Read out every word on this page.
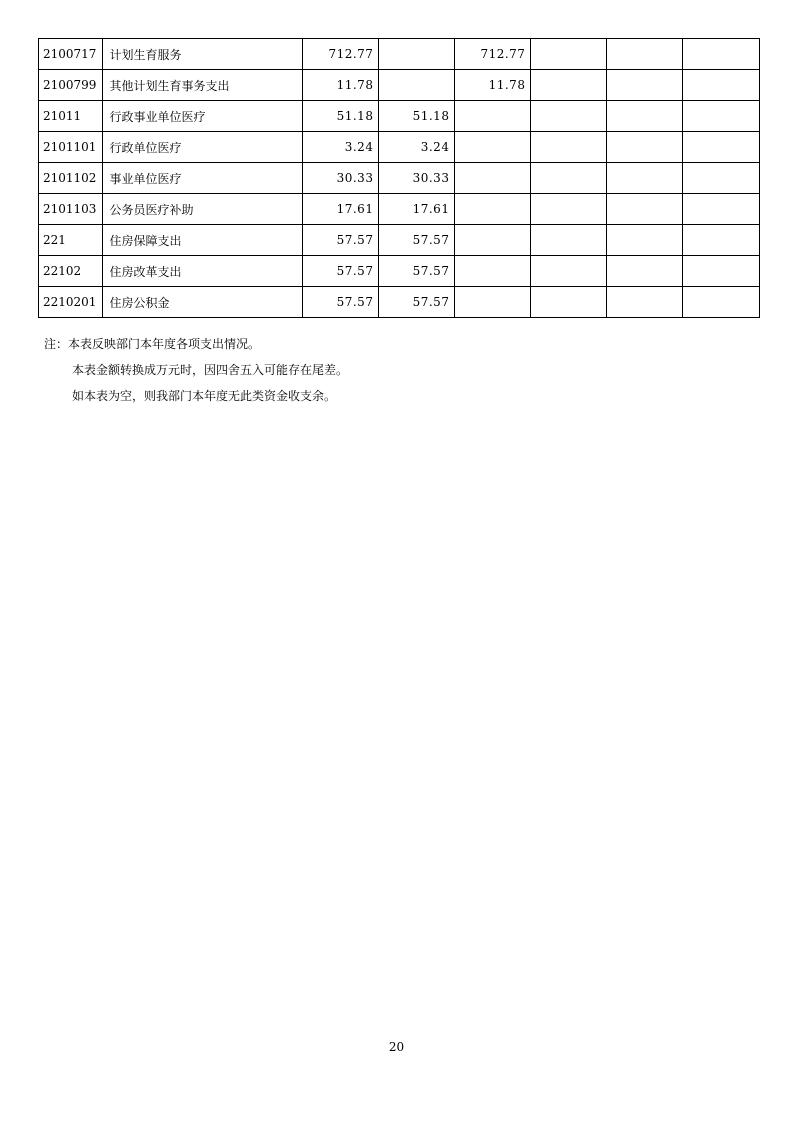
2100717	计划生育服务	712.77		712.77			
2100799	其他计划生育事务支出	11.78		11.78			
21011	行政事业单位医疗	51.18	51.18				
2101101	行政单位医疗	3.24	3.24				
2101102	事业单位医疗	30.33	30.33				
2101103	公务员医疗补助	17.61	17.61				
221	住房保障支出	57.57	57.57				
22102	住房改革支出	57.57	57.57				
2210201	住房公积金	57.57	57.57				
注：本表反映部门本年度各项支出情况。
本表金额转换成万元时，因四舍五入可能存在尾差。
如本表为空，则我部门本年度无此类资金收支余。
20
